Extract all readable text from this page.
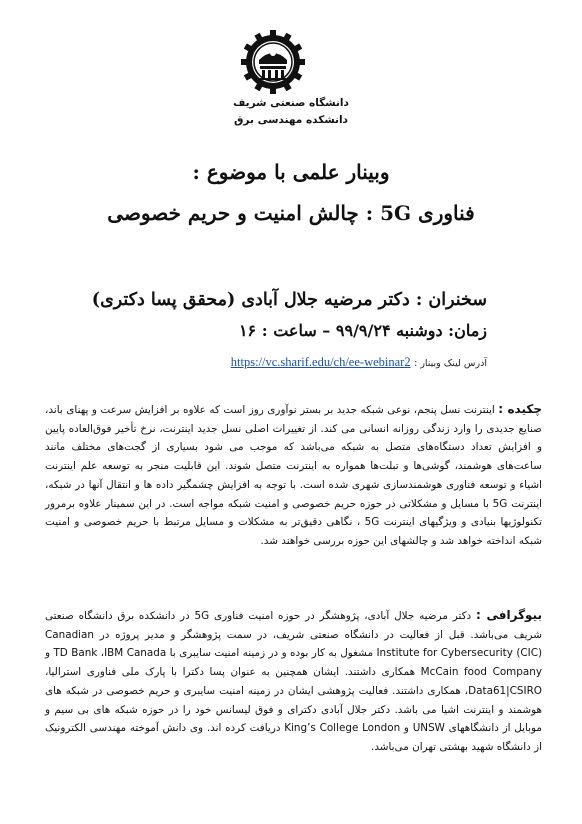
دانشگاه صنعتی شریف
دانشکده مهندسی برق
وبینار علمی با موضوع :
فناوری 5G : چالش امنیت و حریم خصوصی
سخنران : دکتر مرضیه جلال آبادی (محقق پسا دکتری)
زمان: دوشنبه ۹۹/۹/۲۴ – ساعت : ۱۶
آدرس لینک وبینار : https://vc.sharif.edu/ch/ee-webinar2
چکیده : اینترنت نسل پنجم، نوعی شبکه جدید بر بستر نوآوری روز است که علاوه بر افزایش سرعت و پهنای باند، صنایع جدیدی را وارد زندگی روزانه انسانی می کند. از تغییرات اصلی نسل جدید اینترنت، نرخ تأخیر فوق‌العاده پایین و افزایش تعداد دستگاه‌های متصل به شبکه می‌باشد که موجب می شود بسیاری از گجت‌های مختلف مانند ساعت‌های هوشمند، گوشی‌ها و تبلت‌ها همواره به اینترنت متصل شوند. این قابلیت منجر به توسعه علم اینترنت اشیاء و توسعه فناوری هوشمندسازی شهری شده است. با توجه به افزایش چشمگیر داده ها و انتقال آنها در شبکه، اینترنت 5G با مسایل و مشکلاتی در حوزه حریم خصوصی و امنیت شبکه مواجه است. در این سمینار علاوه برمرور تکنولوژیها بنیادی و ویژگیهای اینترنت 5G ، نگاهی دقیق‌تر به مشکلات و مسایل مرتبط با حریم خصوصی و امنیت شبکه انداخته خواهد شد و چالشهای این حوزه بررسی خواهند شد.
بیوگرافی : دکتر مرضیه جلال آبادی، پژوهشگر در حوزه امنیت فناوری 5G در دانشکده برق دانشگاه صنعتی شریف می‌باشد. قبل از فعالیت در دانشگاه صنعتی شریف، در سمت پژوهشگر و مدیر پروژه در Canadian Institute for Cybersecurity (CIC) مشغول به کار بوده و در زمینه امنیت سایبری با TD Bank ،IBM Canada و McCain food Company همکاری داشتند. ایشان همچنین به عنوان پسا دکترا با پارک ملی فناوری استرالیا، Data61|CSIRO، همکاری داشتند. فعالیت پژوهشی ایشان در زمینه امنیت سایبری و حریم خصوصی در شبکه های هوشمند و اینترنت اشیا می باشد. دکتر جلال آبادی دکترای و فوق لیسانس خود را در حوزه شبکه های بی سیم و موبایل از دانشگاههای UNSW و King’s College London دریافت کرده اند. وی دانش آموخته مهندسی الکترونیک از دانشگاه شهید بهشتی تهران می‌باشد.
